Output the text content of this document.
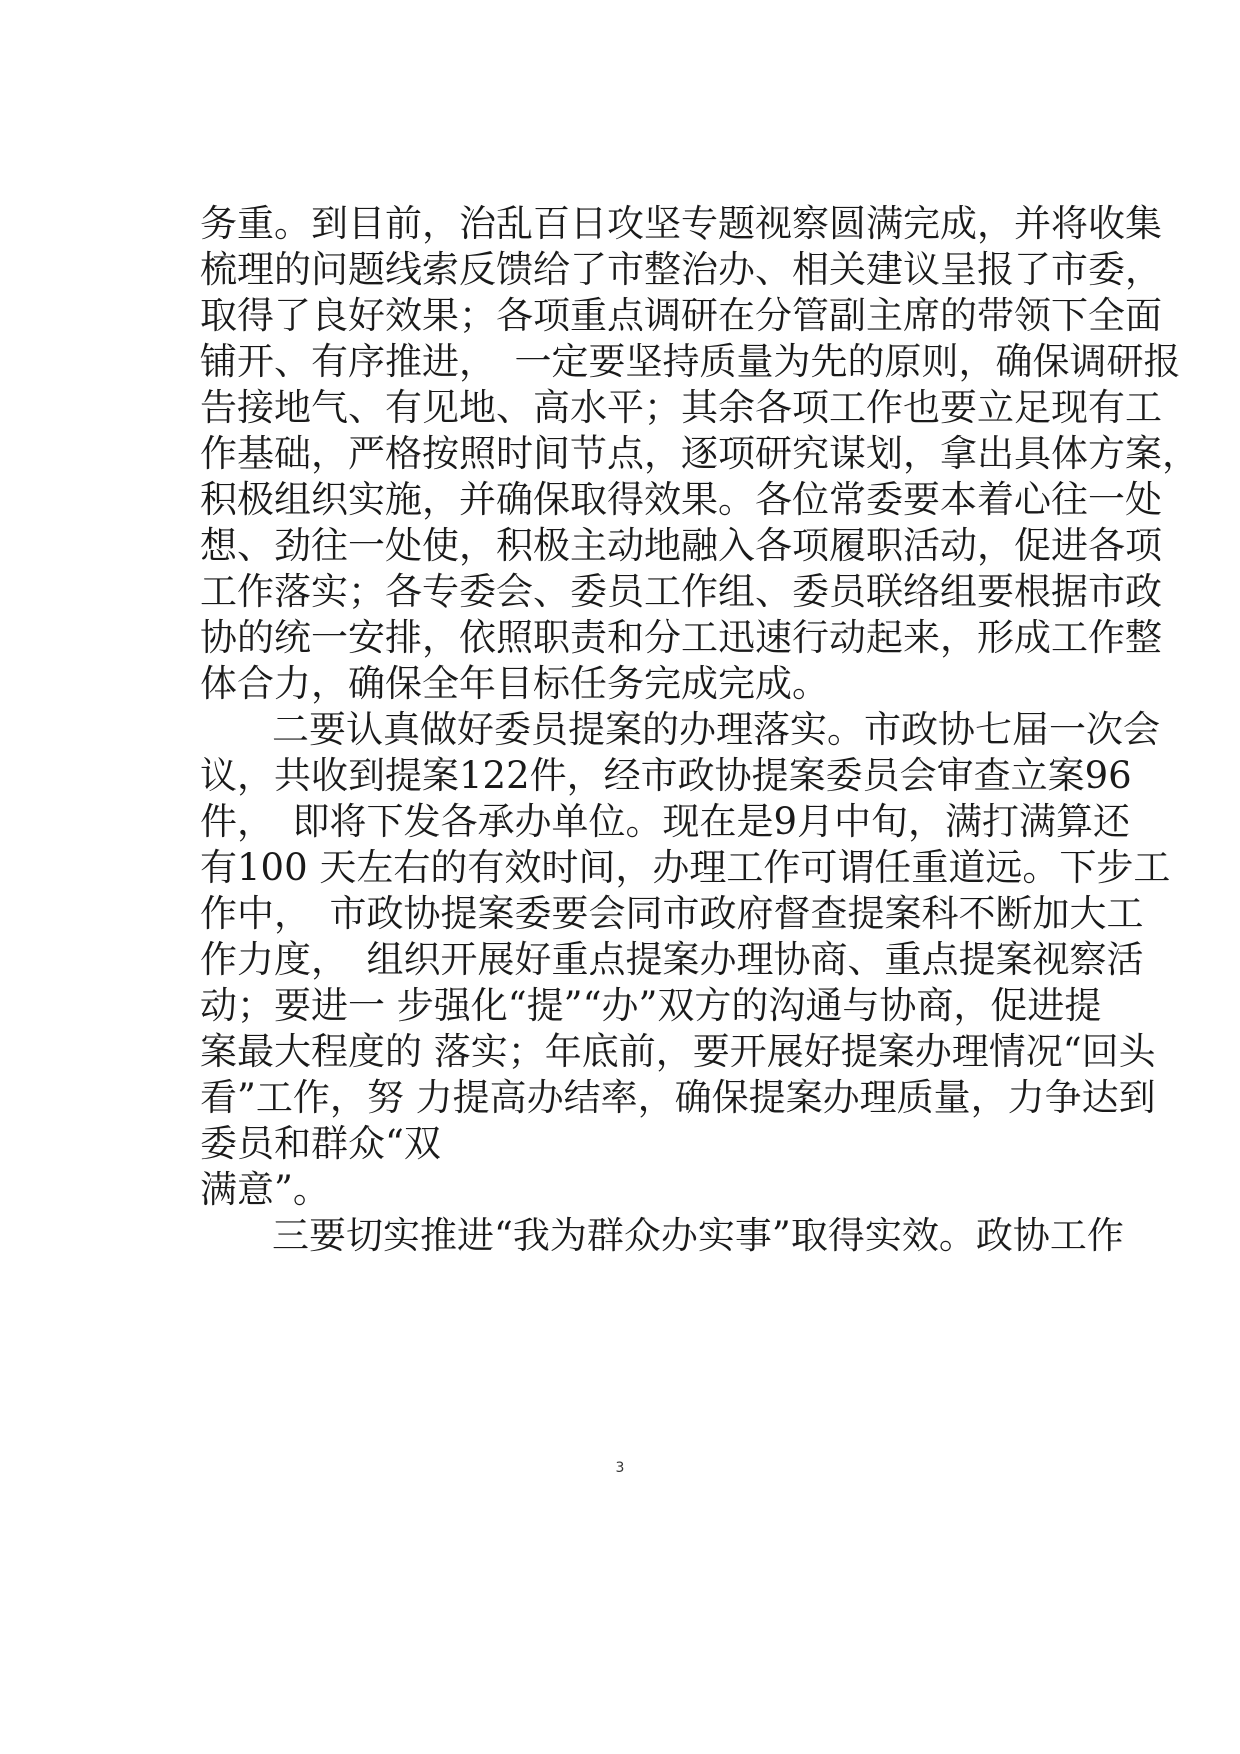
务重。到目前，治乱百日攻坚专题视察圆满完成，并将收集
梳理的问题线索反馈给了市整治办、相关建议呈报了市委，
取得了良好效果；各项重点调研在分管副主席的带领下全面
铺开、有序推进，　一定要坚持质量为先的原则，确保调研报
告接地气、有见地、高水平；其余各项工作也要立足现有工
作基础，严格按照时间节点，逐项研究谋划，拿出具体方案，
积极组织实施，并确保取得效果。各位常委要本着心往一处
想、劲往一处使，积极主动地融入各项履职活动，促进各项
工作落实；各专委会、委员工作组、委员联络组要根据市政
协的统一安排，依照职责和分工迅速行动起来，形成工作整
体合力，确保全年目标任务完成完成。
二要认真做好委员提案的办理落实。市政协七届一次会
议，共收到提案122件，经市政协提案委员会审查立案96
件，　即将下发各承办单位。现在是9月中旬，满打满算还
有100 天左右的有效时间，办理工作可谓任重道远。下步工
作中，　市政协提案委要会同市政府督查提案科不断加大工
作力度，　组织开展好重点提案办理协商、重点提案视察活
动；要进一 步强化“提”“办”双方的沟通与协商，促进提
案最大程度的 落实；年底前，要开展好提案办理情况“回头
看”工作，努 力提高办结率，确保提案办理质量，力争达到
委员和群众“双
满意”。
三要切实推进“我为群众办实事”取得实效。政协工作
3
